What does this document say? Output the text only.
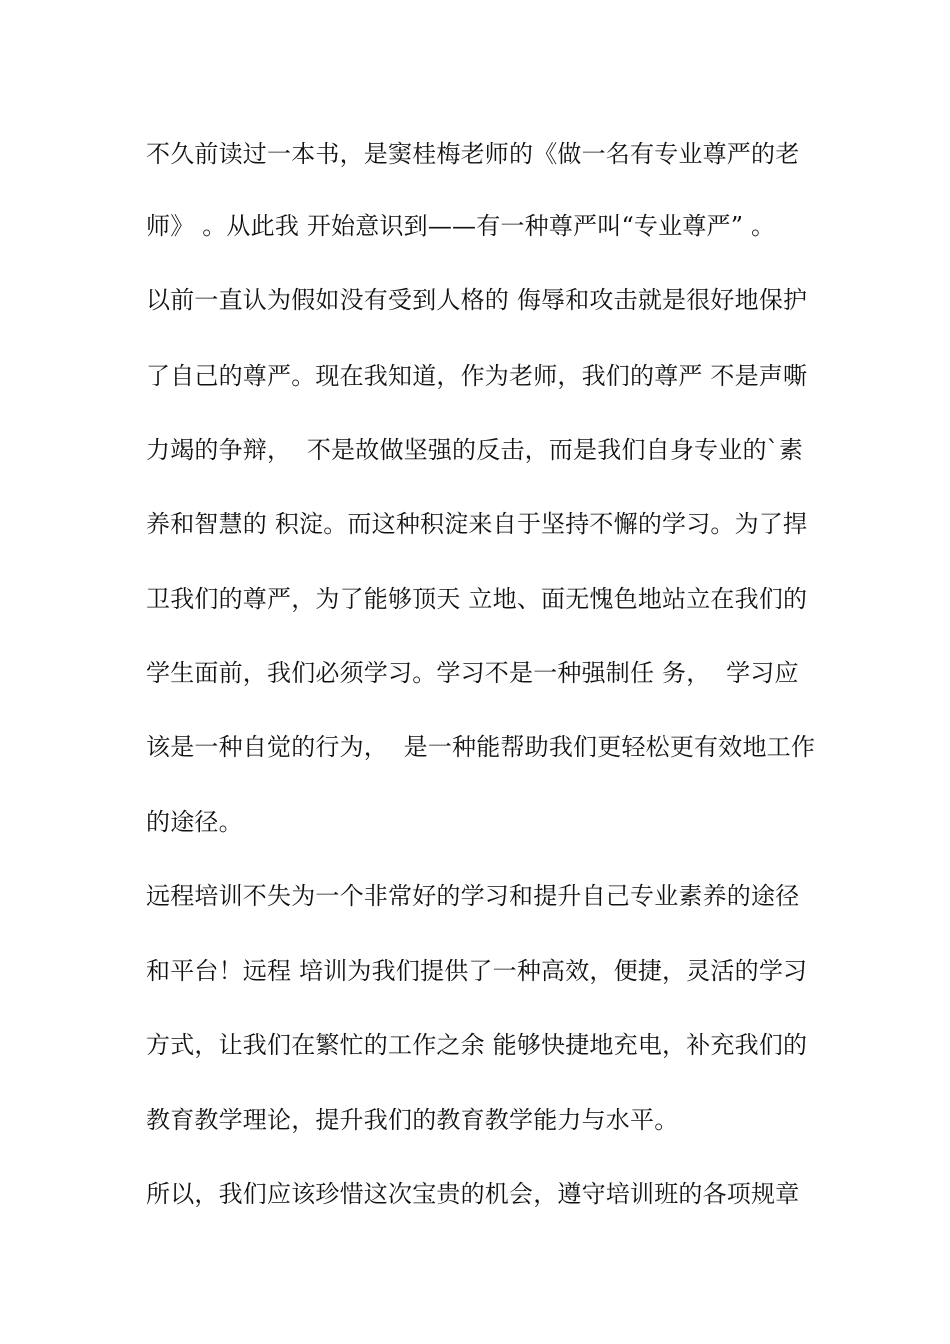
不久前读过一本书，是窦桂梅老师的《做一名有专业尊严的老
师》 。从此我 开始意识到——有一种尊严叫“专业尊严” 。
以前一直认为假如没有受到人格的 侮辱和攻击就是很好地保护
了自己的尊严。现在我知道，作为老师，我们的尊严 不是声嘶
力竭的争辩，  不是故做坚强的反击，而是我们自身专业的`素
养和智慧的 积淀。而这种积淀来自于坚持不懈的学习。为了捍
卫我们的尊严，为了能够顶天 立地、面无愧色地站立在我们的
学生面前，我们必须学习。学习不是一种强制任 务，  学习应
该是一种自觉的行为，  是一种能帮助我们更轻松更有效地工作
的途径。
远程培训不失为一个非常好的学习和提升自己专业素养的途径
和平台！远程 培训为我们提供了一种高效，便捷，灵活的学习
方式，让我们在繁忙的工作之余 能够快捷地充电，补充我们的
教育教学理论，提升我们的教育教学能力与水平。
所以，我们应该珍惜这次宝贵的机会，遵守培训班的各项规章
